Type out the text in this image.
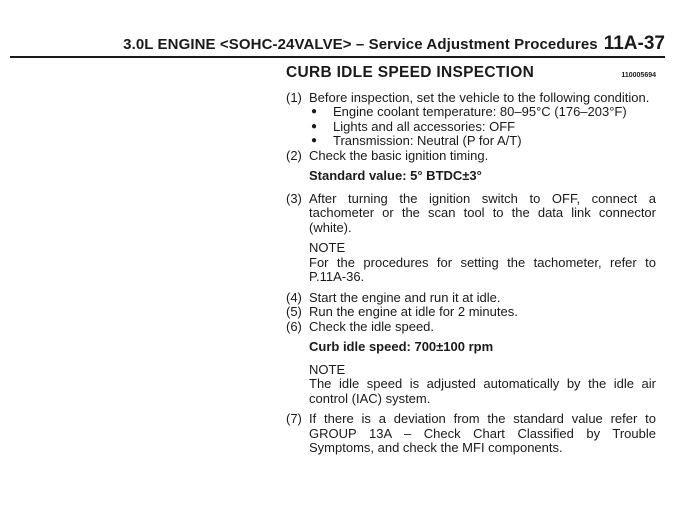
3.0L ENGINE <SOHC-24VALVE> – Service Adjustment Procedures 11A-37
CURB IDLE SPEED INSPECTION	110005694
(1) Before inspection, set the vehicle to the following condition.
●	Engine coolant temperature: 80–95°C (176–203°F)
●	Lights and all accessories: OFF
●	Transmission: Neutral (P for A/T)
(2) Check the basic ignition timing.
Standard value: 5° BTDC±3°
(3) After turning the ignition switch to OFF, connect a tachometer or the scan tool to the data link connector (white).
NOTE
For the procedures for setting the tachometer, refer to P.11A-36.
(4) Start the engine and run it at idle.
(5) Run the engine at idle for 2 minutes.
(6) Check the idle speed.
Curb idle speed: 700±100 rpm
NOTE
The idle speed is adjusted automatically by the idle air control (IAC) system.
(7) If there is a deviation from the standard value refer to GROUP 13A – Check Chart Classified by Trouble Symptoms, and check the MFI components.
